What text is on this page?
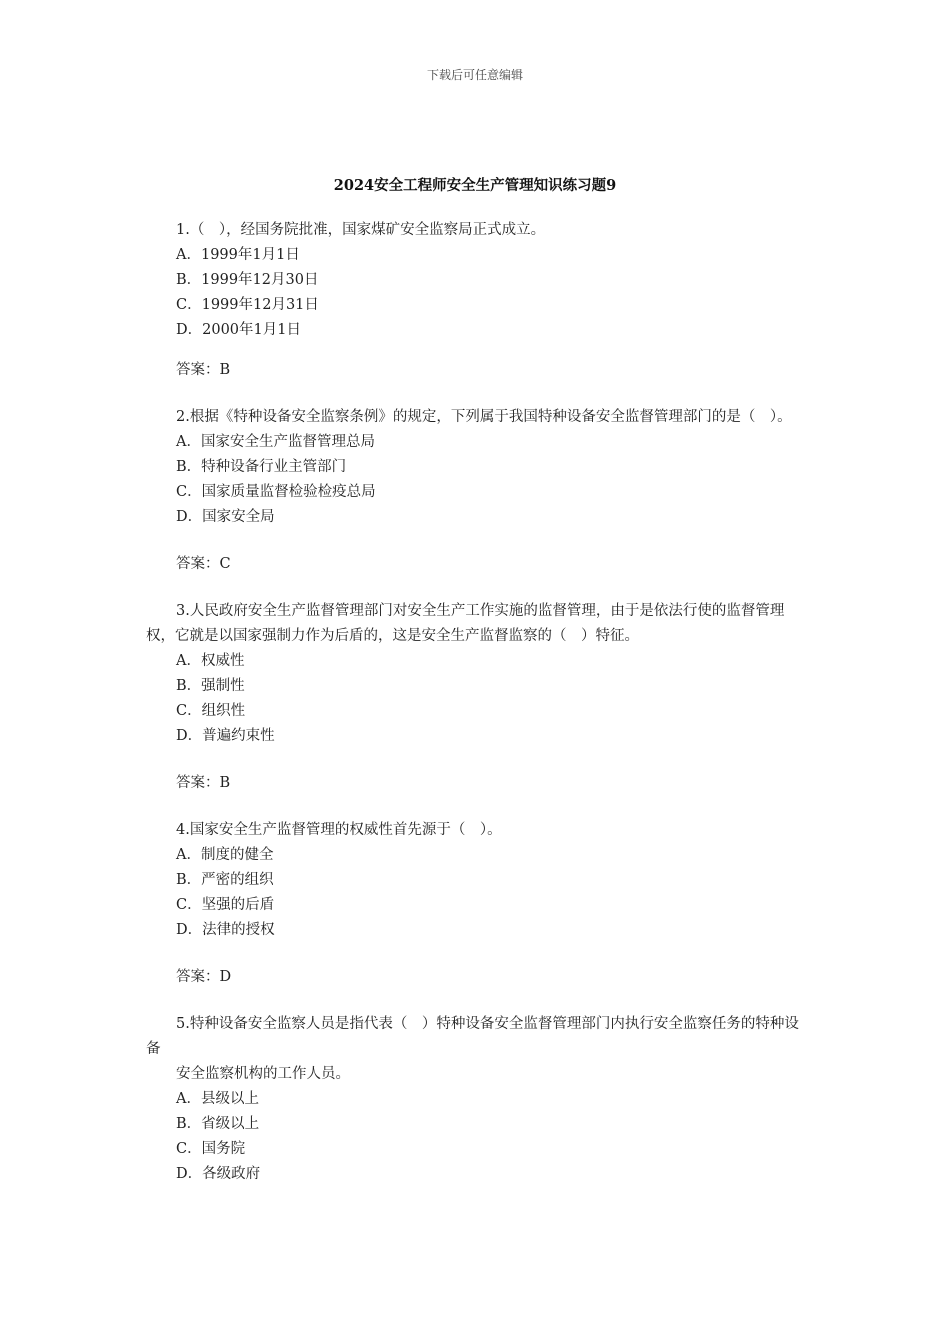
下载后可任意编辑
2024安全工程师安全生产管理知识练习题9

1.（　），经国务院批准，国家煤矿安全监察局正式成立。

A．1999年1月1日

B．1999年12月30日

C．1999年12月31日

D．2000年1月1日

答案：B

2.根据《特种设备安全监察条例》的规定，下列属于我国特种设备安全监督管理部门的是（　）。

A．国家安全生产监督管理总局

B．特种设备行业主管部门

C．国家质量监督检验检疫总局

D．国家安全局

答案：C

3.人民政府安全生产监督管理部门对安全生产工作实施的监督管理，由于是依法行使的监督管理权，它就是以国家强制力作为后盾的，这是安全生产监督监察的（　）特征。

A．权威性

B．强制性

C．组织性

D．普遍约束性

答案：B

4.国家安全生产监督管理的权威性首先源于（　）。

A．制度的健全

B．严密的组织

C．坚强的后盾

D．法律的授权

答案：D

5.特种设备安全监察人员是指代表（　）特种设备安全监督管理部门内执行安全监察任务的特种设备

安全监察机构的工作人员。

A．县级以上

B．省级以上

C．国务院

D．各级政府
